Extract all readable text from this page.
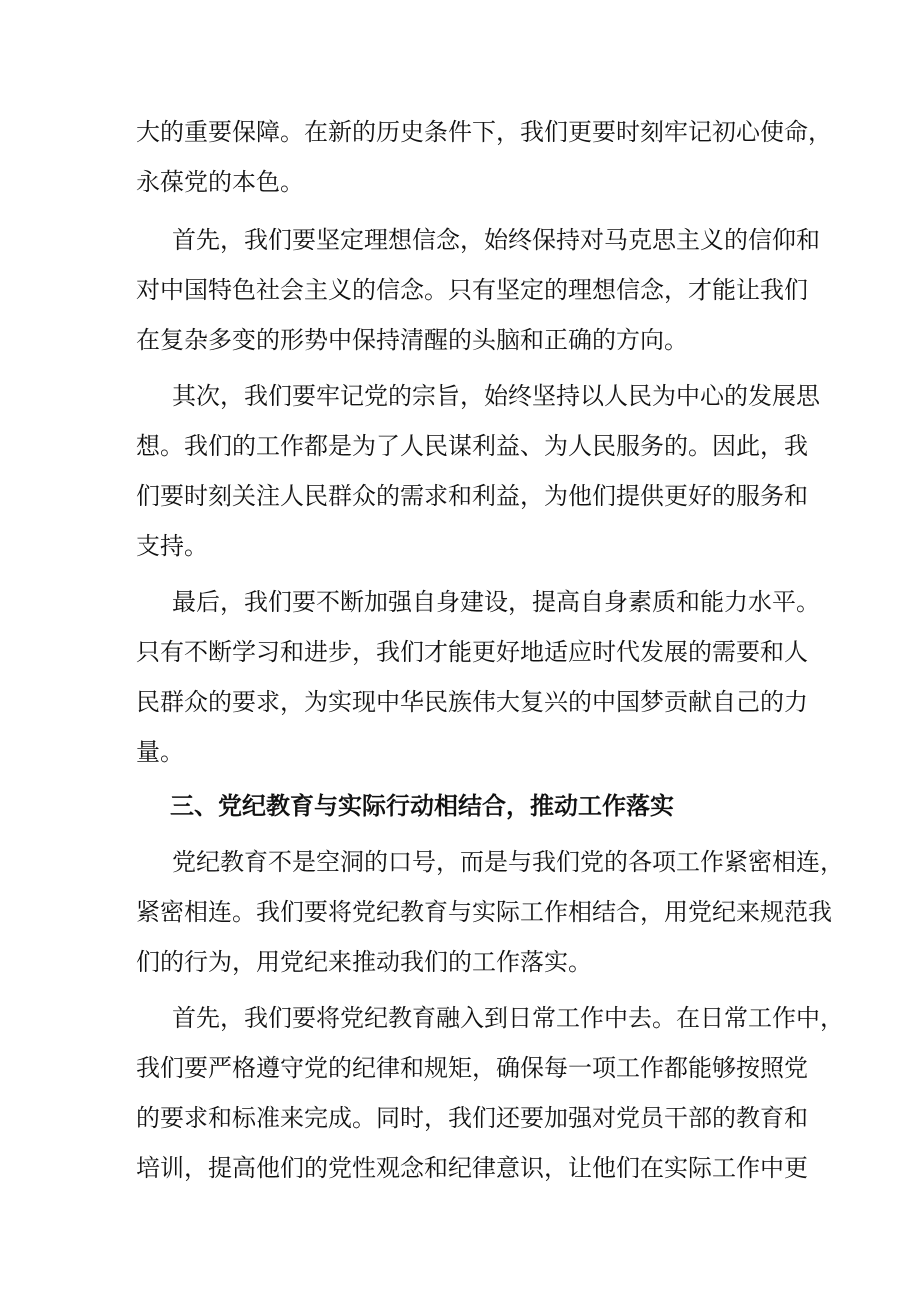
大的重要保障。在新的历史条件下，我们更要时刻牢记初心使命，
永葆党的本色。
首先，我们要坚定理想信念，始终保持对马克思主义的信仰和
对中国特色社会主义的信念。只有坚定的理想信念，才能让我们
在复杂多变的形势中保持清醒的头脑和正确的方向。
其次，我们要牢记党的宗旨，始终坚持以人民为中心的发展思
想。我们的工作都是为了人民谋利益、为人民服务的。因此，我
们要时刻关注人民群众的需求和利益，为他们提供更好的服务和
支持。
最后，我们要不断加强自身建设，提高自身素质和能力水平。
只有不断学习和进步，我们才能更好地适应时代发展的需要和人
民群众的要求，为实现中华民族伟大复兴的中国梦贡献自己的力
量。
三、党纪教育与实际行动相结合，推动工作落实
党纪教育不是空洞的口号，而是与我们党的各项工作紧密相连，
紧密相连。我们要将党纪教育与实际工作相结合，用党纪来规范我
们的行为，用党纪来推动我们的工作落实。
首先，我们要将党纪教育融入到日常工作中去。在日常工作中，
我们要严格遵守党的纪律和规矩，确保每一项工作都能够按照党
的要求和标准来完成。同时，我们还要加强对党员干部的教育和
培训，提高他们的党性观念和纪律意识，让他们在实际工作中更
